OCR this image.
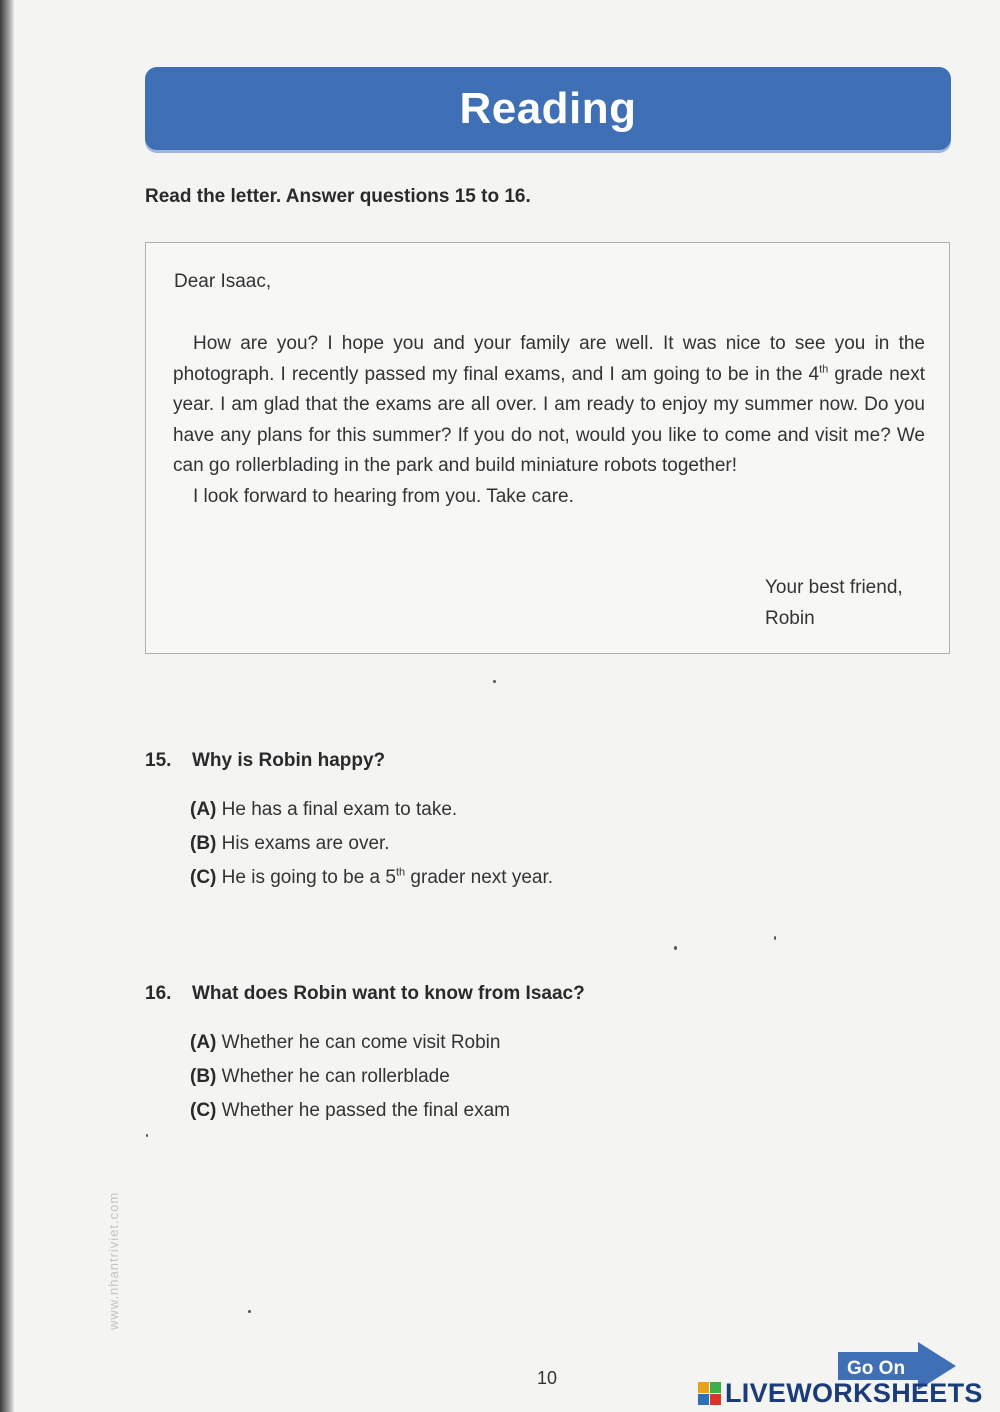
Reading
Read the letter. Answer questions 15 to 16.
Dear Isaac,

How are you? I hope you and your family are well. It was nice to see you in the photograph. I recently passed my final exams, and I am going to be in the 4th grade next year. I am glad that the exams are all over. I am ready to enjoy my summer now. Do you have any plans for this summer? If you do not, would you like to come and visit me? We can go rollerblading in the park and build miniature robots together!

I look forward to hearing from you. Take care.

Your best friend,
Robin
15. Why is Robin happy?
(A) He has a final exam to take.
(B) His exams are over.
(C) He is going to be a 5th grader next year.
16. What does Robin want to know from Isaac?
(A) Whether he can come visit Robin
(B) Whether he can rollerblade
(C) Whether he passed the final exam
www.nhantriviet.com
10	Go On
LIVEWORKSHEETS
